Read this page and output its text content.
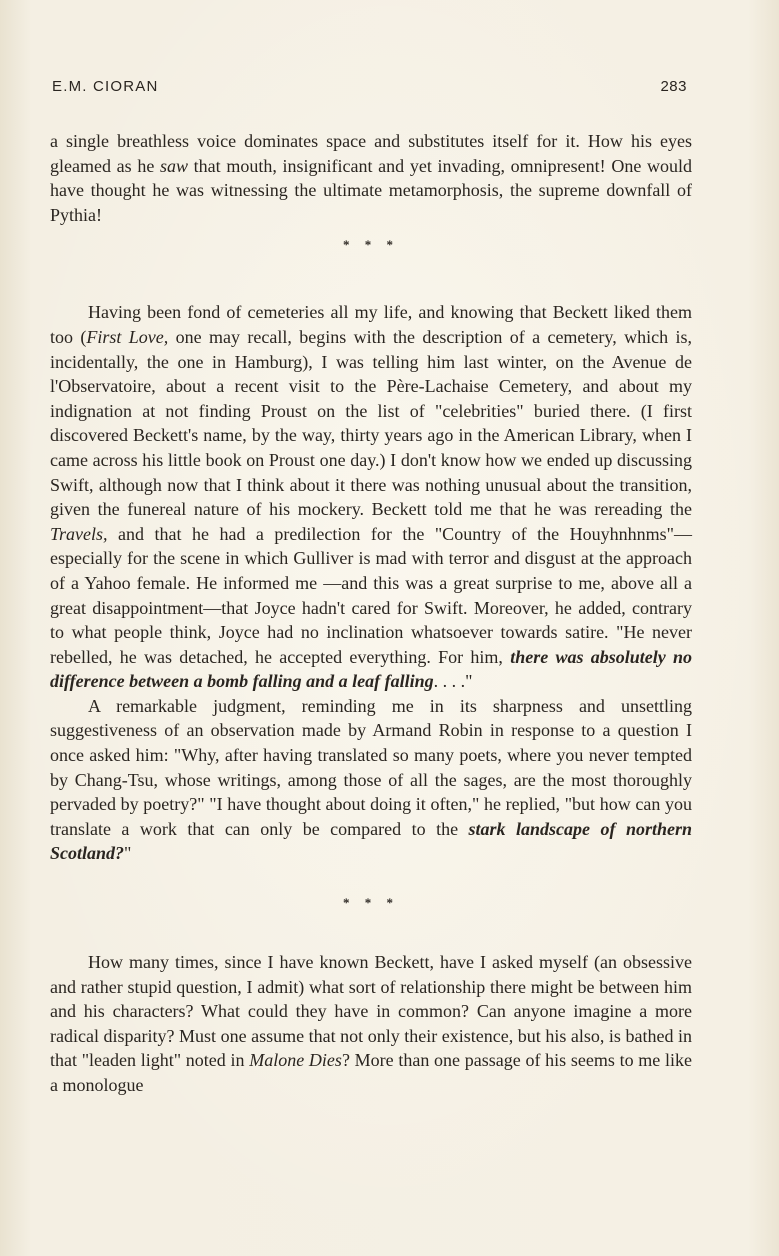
E.M. CIORAN	283

a single breathless voice dominates space and substitutes itself for it. How his eyes gleamed as he saw that mouth, insignificant and yet invading, omnipresent! One would have thought he was witnessing the ultimate metamorphosis, the supreme downfall of Pythia!

* * *

Having been fond of cemeteries all my life, and knowing that Beckett liked them too (First Love, one may recall, begins with the description of a cemetery, which is, incidentally, the one in Hamburg), I was telling him last winter, on the Avenue de l'Observatoire, about a recent visit to the Père-Lachaise Cemetery, and about my indignation at not finding Proust on the list of "celebrities" buried there. (I first discovered Beckett's name, by the way, thirty years ago in the American Library, when I came across his little book on Proust one day.) I don't know how we ended up discussing Swift, although now that I think about it there was nothing unusual about the transition, given the funereal nature of his mockery. Beckett told me that he was rereading the Travels, and that he had a predilection for the "Country of the Houyhnhnms"—especially for the scene in which Gulliver is mad with terror and disgust at the approach of a Yahoo female. He informed me —and this was a great surprise to me, above all a great disappointment—that Joyce hadn't cared for Swift. Moreover, he added, contrary to what people think, Joyce had no inclination whatsoever towards satire. "He never rebelled, he was detached, he accepted everything. For him, there was absolutely no difference between a bomb falling and a leaf falling. . . ."

A remarkable judgment, reminding me in its sharpness and unsettling suggestiveness of an observation made by Armand Robin in response to a question I once asked him: "Why, after having translated so many poets, where you never tempted by Chang-Tsu, whose writings, among those of all the sages, are the most thoroughly pervaded by poetry?" "I have thought about doing it often," he replied, "but how can you translate a work that can only be compared to the stark landscape of northern Scotland?"

* * *

How many times, since I have known Beckett, have I asked myself (an obsessive and rather stupid question, I admit) what sort of relationship there might be between him and his characters? What could they have in common? Can anyone imagine a more radical disparity? Must one assume that not only their existence, but his also, is bathed in that "leaden light" noted in Malone Dies? More than one passage of his seems to me like a monologue
